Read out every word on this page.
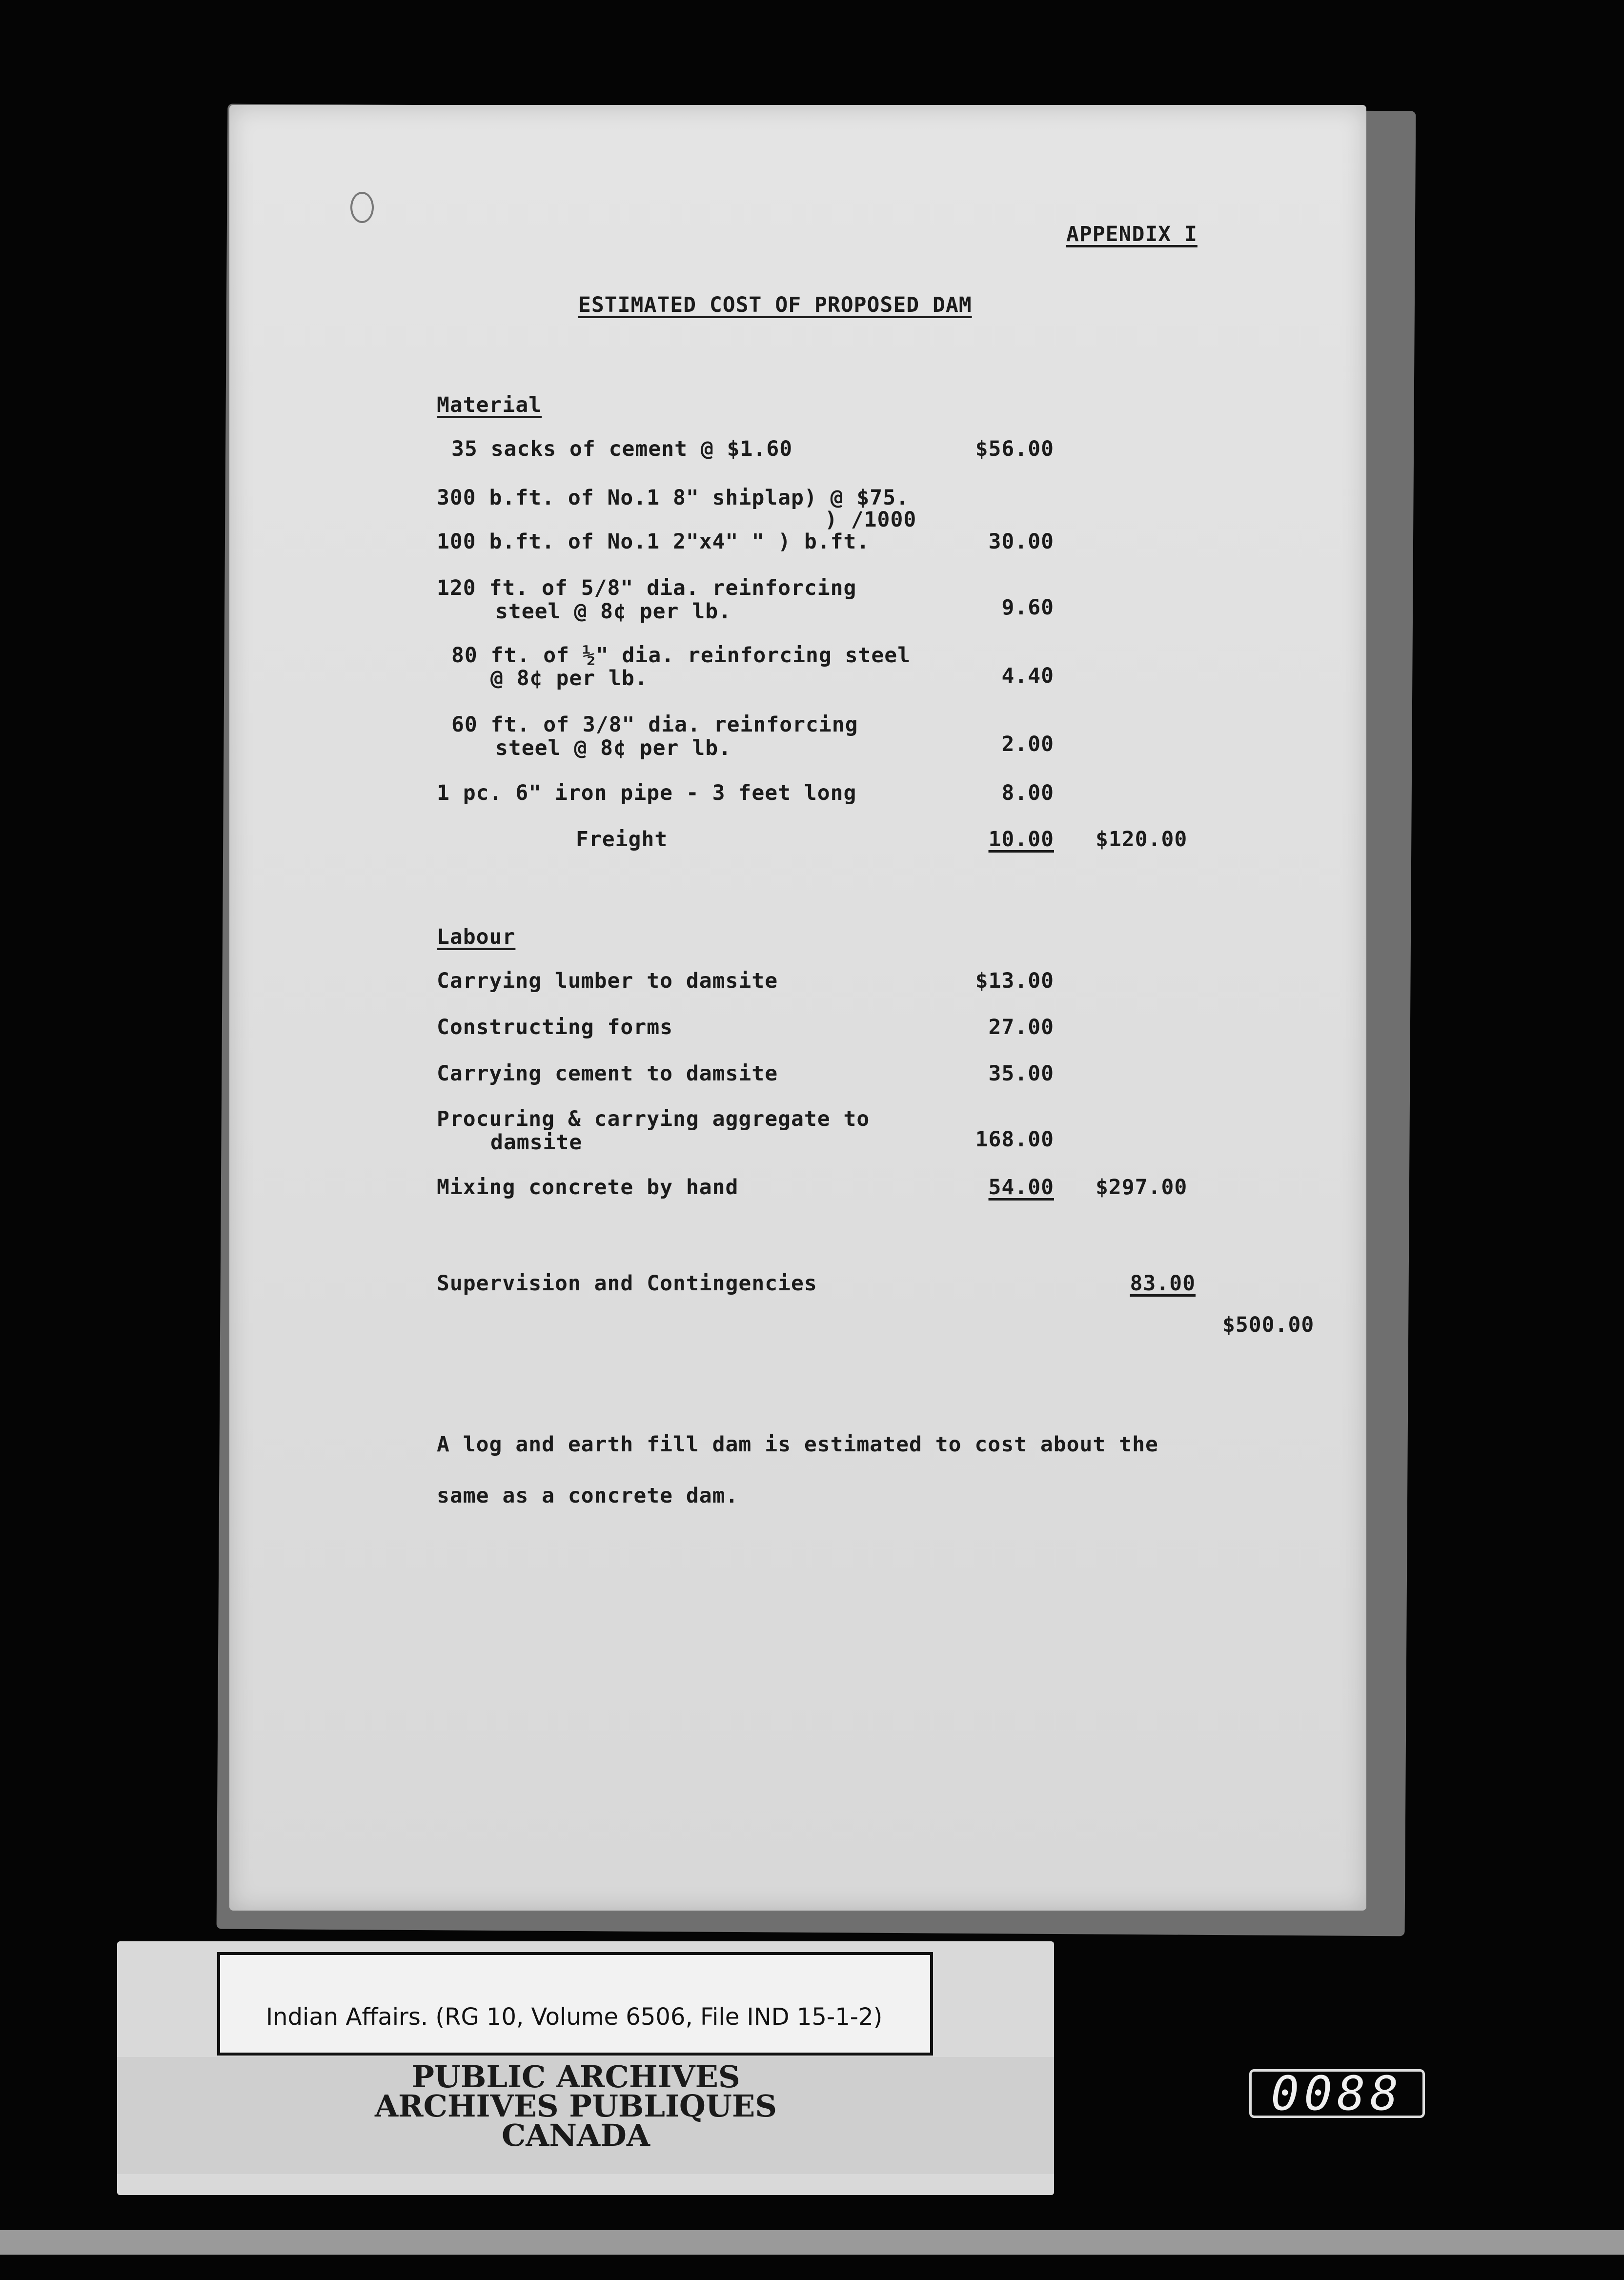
APPENDIX I
ESTIMATED COST OF PROPOSED DAM
Material
35 sacks of cement @ $1.60	$56.00
300 b.ft. of No.1 8" shiplap) @ $75.
) /1000
100 b.ft. of No.1 2"x4" " ) b.ft.	30.00
120 ft. of 5/8" dia. reinforcing
steel @ 8¢ per lb.	9.60
80 ft. of ½" dia. reinforcing steel
@ 8¢ per lb.	4.40
60 ft. of 3/8" dia. reinforcing
steel @ 8¢ per lb.	2.00
1 pc. 6" iron pipe - 3 feet long	8.00
Freight	10.00 $120.00
Labour
Carrying lumber to damsite	$13.00
Constructing forms	27.00
Carrying cement to damsite	35.00
Procuring & carrying aggregate to
damsite	168.00
Mixing concrete by hand	54.00 $297.00
Supervision and Contingencies	83.00
$500.00
A log and earth fill dam is estimated to cost about the
same as a concrete dam.
Indian Affairs. (RG 10, Volume 6506, File IND 15-1-2)
PUBLIC ARCHIVES
ARCHIVES PUBLIQUES
CANADA
0088
